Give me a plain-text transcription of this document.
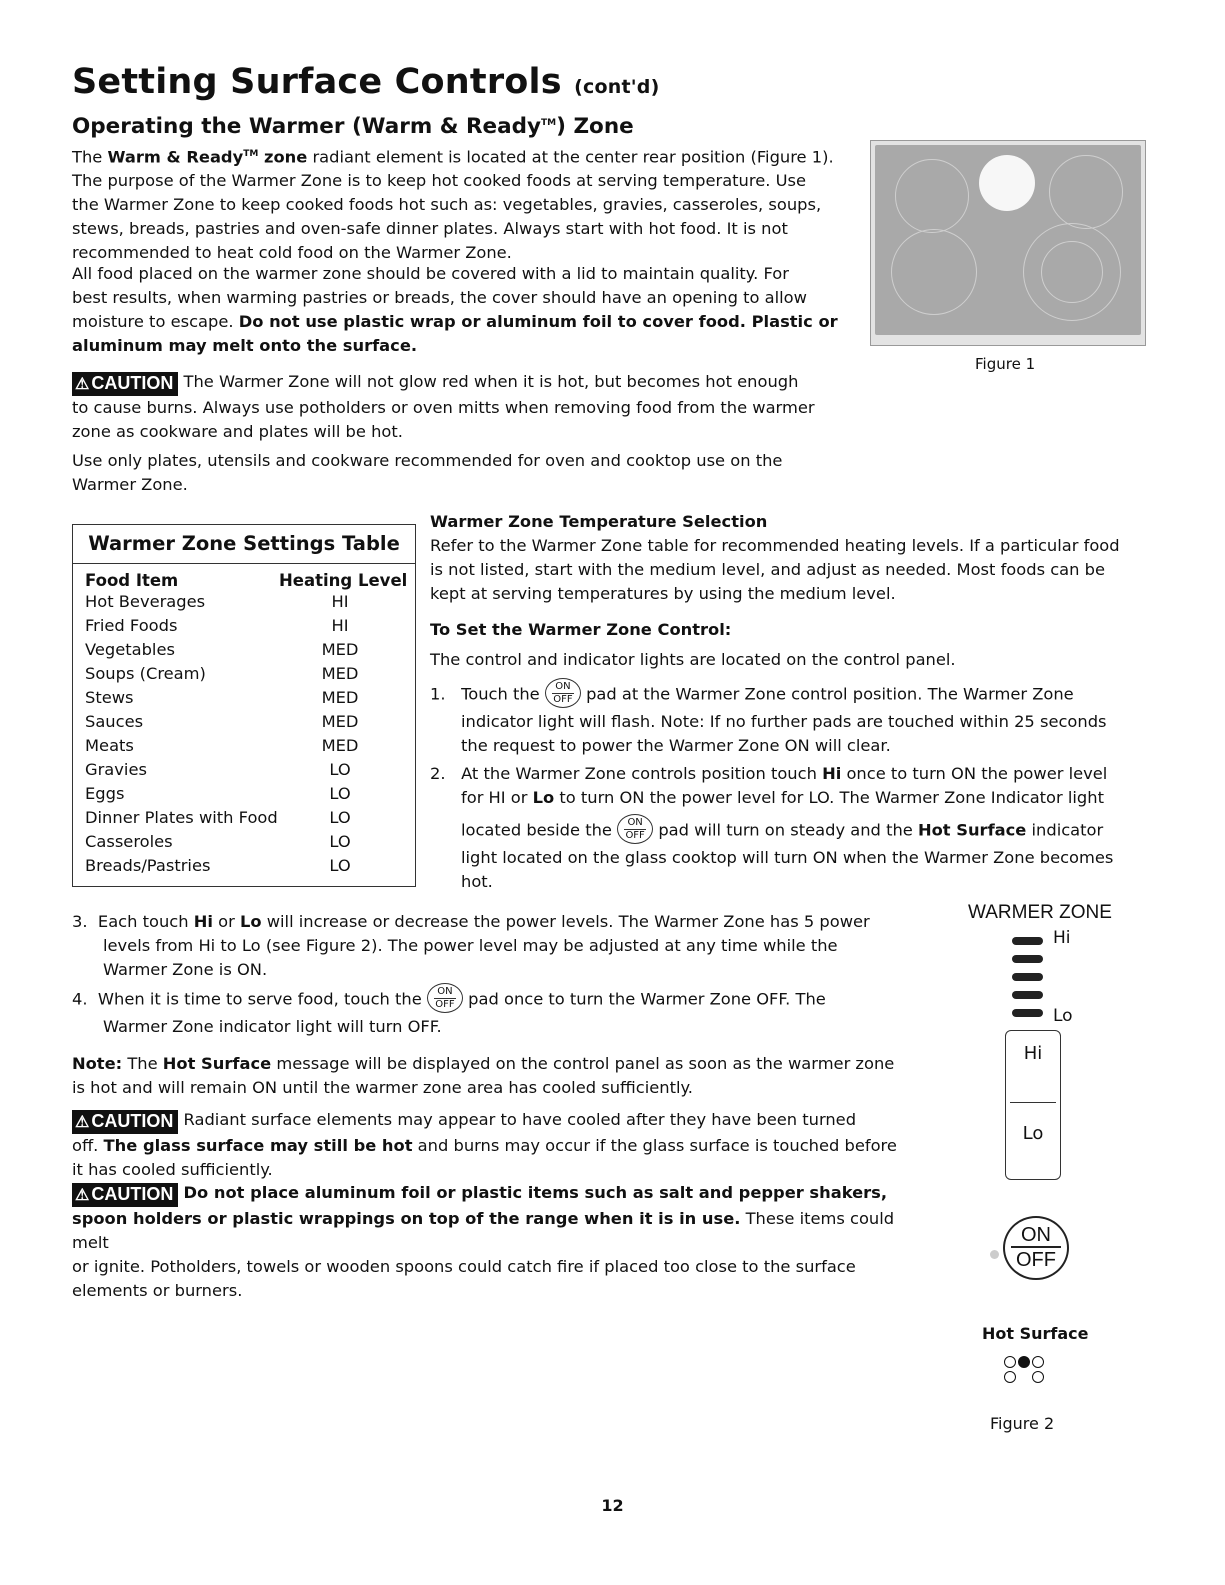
Setting Surface Controls (cont'd)
Operating the Warmer (Warm & Ready™) Zone
The Warm & Ready™ zone radiant element is located at the center rear position (Figure 1).
The purpose of the Warmer Zone is to keep hot cooked foods at serving temperature. Use
the Warmer Zone to keep cooked foods hot such as: vegetables, gravies, casseroles, soups,
stews, breads, pastries and oven-safe dinner plates. Always start with hot food. It is not
recommended to heat cold food on the Warmer Zone.
All food placed on the warmer zone should be covered with a lid to maintain quality. For
best results, when warming pastries or breads, the cover should have an opening to allow
moisture to escape. Do not use plastic wrap or aluminum foil to cover food. Plastic or
aluminum may melt onto the surface.
⚠ CAUTION The Warmer Zone will not glow red when it is hot, but becomes hot enough
to cause burns. Always use potholders or oven mitts when removing food from the warmer
zone as cookware and plates will be hot.
Use only plates, utensils and cookware recommended for oven and cooktop use on the
Warmer Zone.
Figure 1
Warmer Zone Settings Table
Food Item	Heating Level
Hot Beverages	HI
Fried Foods	HI
Vegetables	MED
Soups (Cream)	MED
Stews	MED
Sauces	MED
Meats	MED
Gravies	LO
Eggs	LO
Dinner Plates with Food	LO
Casseroles	LO
Breads/Pastries	LO
Warmer Zone Temperature Selection
Refer to the Warmer Zone table for recommended heating levels. If a particular food
is not listed, start with the medium level, and adjust as needed. Most foods can be
kept at serving temperatures by using the medium level.
To Set the Warmer Zone Control:
The control and indicator lights are located on the control panel.
1. Touch the	ON
OFF pad at the Warmer Zone control position. The Warmer Zone
indicator light will flash. Note: If no further pads are touched within 25 seconds
the request to power the Warmer Zone ON will clear.
2. At the Warmer Zone controls position touch Hi once to turn ON the power level
for HI or Lo to turn ON the power level for LO. The Warmer Zone Indicator light
located beside the	ON
OFF pad will turn on steady and the Hot Surface indicator
light located on the glass cooktop will turn ON when the Warmer Zone becomes
hot.
3. Each touch Hi or Lo will increase or decrease the power levels. The Warmer Zone has 5 power
levels from Hi to Lo (see Figure 2). The power level may be adjusted at any time while the
Warmer Zone is ON.
4. When it is time to serve food, touch the	ON
OFF pad once to turn the Warmer Zone OFF. The
Warmer Zone indicator light will turn OFF.
Note: The Hot Surface message will be displayed on the control panel as soon as the warmer zone
is hot and will remain ON until the warmer zone area has cooled sufficiently.
⚠ CAUTION Radiant surface elements may appear to have cooled after they have been turned
off. The glass surface may still be hot and burns may occur if the glass surface is touched before
it has cooled sufficiently.
⚠ CAUTION Do not place aluminum foil or plastic items such as salt and pepper shakers,
spoon holders or plastic wrappings on top of the range when it is in use. These items could melt
or ignite. Potholders, towels or wooden spoons could catch fire if placed too close to the surface
elements or burners.
WARMER ZONE
Hi
Lo
Hi
Lo
ON
OFF
Hot Surface
Figure 2
12
